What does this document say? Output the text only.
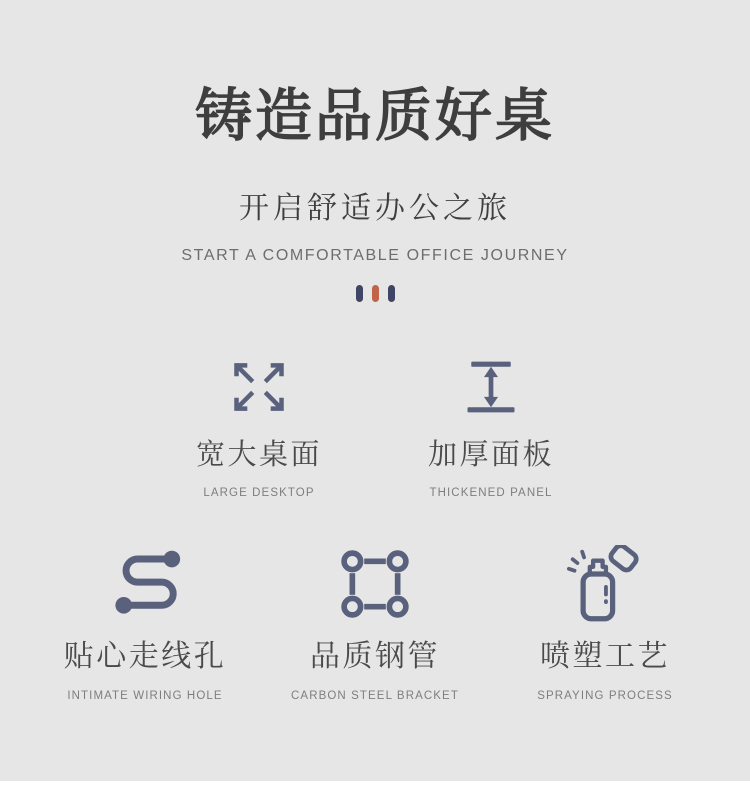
铸造品质好桌
开启舒适办公之旅
START A COMFORTABLE OFFICE JOURNEY
宽大桌面
LARGE DESKTOP
加厚面板
THICKENED PANEL
贴心走线孔
INTIMATE WIRING HOLE
品质钢管
CARBON STEEL BRACKET
喷塑工艺
SPRAYING PROCESS
